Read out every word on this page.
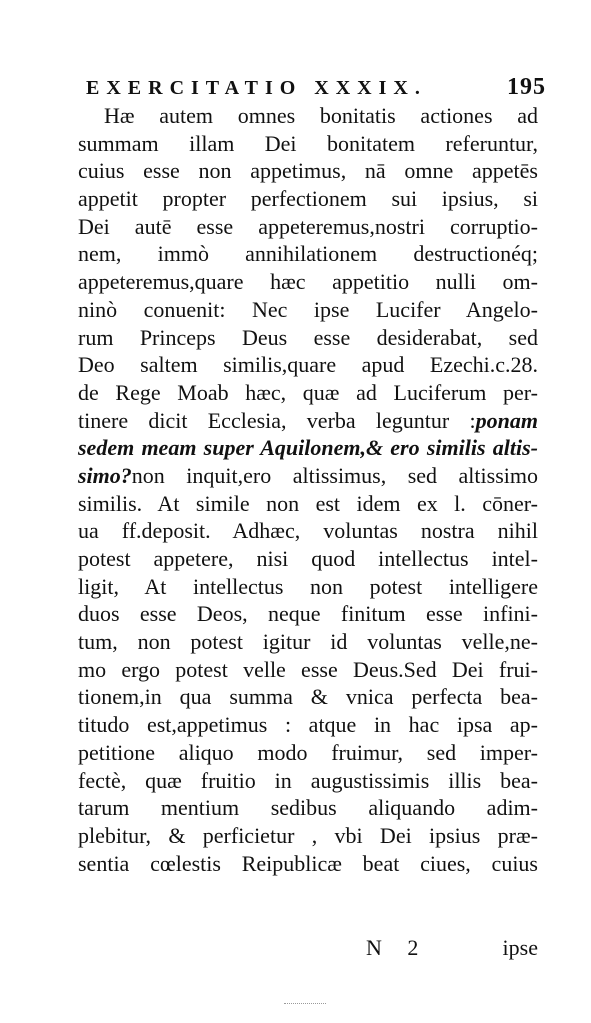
EXERCITATIO XXXIX.	195
Hæ autem omnes bonitatis actiones ad
summam illam Dei bonitatem referuntur,
cuius esse non appetimus, nā omne appetēs
appetit propter perfectionem sui ipsius, si
Dei autē esse appeteremus,nostri corruptio-
nem, immò annihilationem destructionéq;
appeteremus,quare hæc appetitio nulli om-
ninò conuenit: Nec ipse Lucifer Angelo-
rum Princeps Deus esse desiderabat, sed
Deo saltem similis,quare apud Ezechi.c.28.
de Rege Moab hæc, quæ ad Luciferum per-
tinere dicit Ecclesia, verba leguntur :ponam
sedem meam super Aquilonem,& ero similis altis-
simo?non inquit,ero altissimus, sed altissimo
similis. At simile non est idem ex l. cōner-
ua ff.deposit. Adhæc, voluntas nostra nihil
potest appetere, nisi quod intellectus intel-
ligit, At intellectus non potest intelligere
duos esse Deos, neque finitum esse infini-
tum, non potest igitur id voluntas velle,ne-
mo ergo potest velle esse Deus.Sed Dei frui-
tionem,in qua summa & vnica perfecta bea-
titudo est,appetimus : atque in hac ipsa ap-
petitione aliquo modo fruimur, sed imper-
fectè, quæ fruitio in augustissimis illis bea-
tarum mentium sedibus aliquando adim-
plebitur, & perficietur , vbi Dei ipsius præ-
sentia cœlestis Reipublicæ beat ciues, cuius
N 2	ipse
